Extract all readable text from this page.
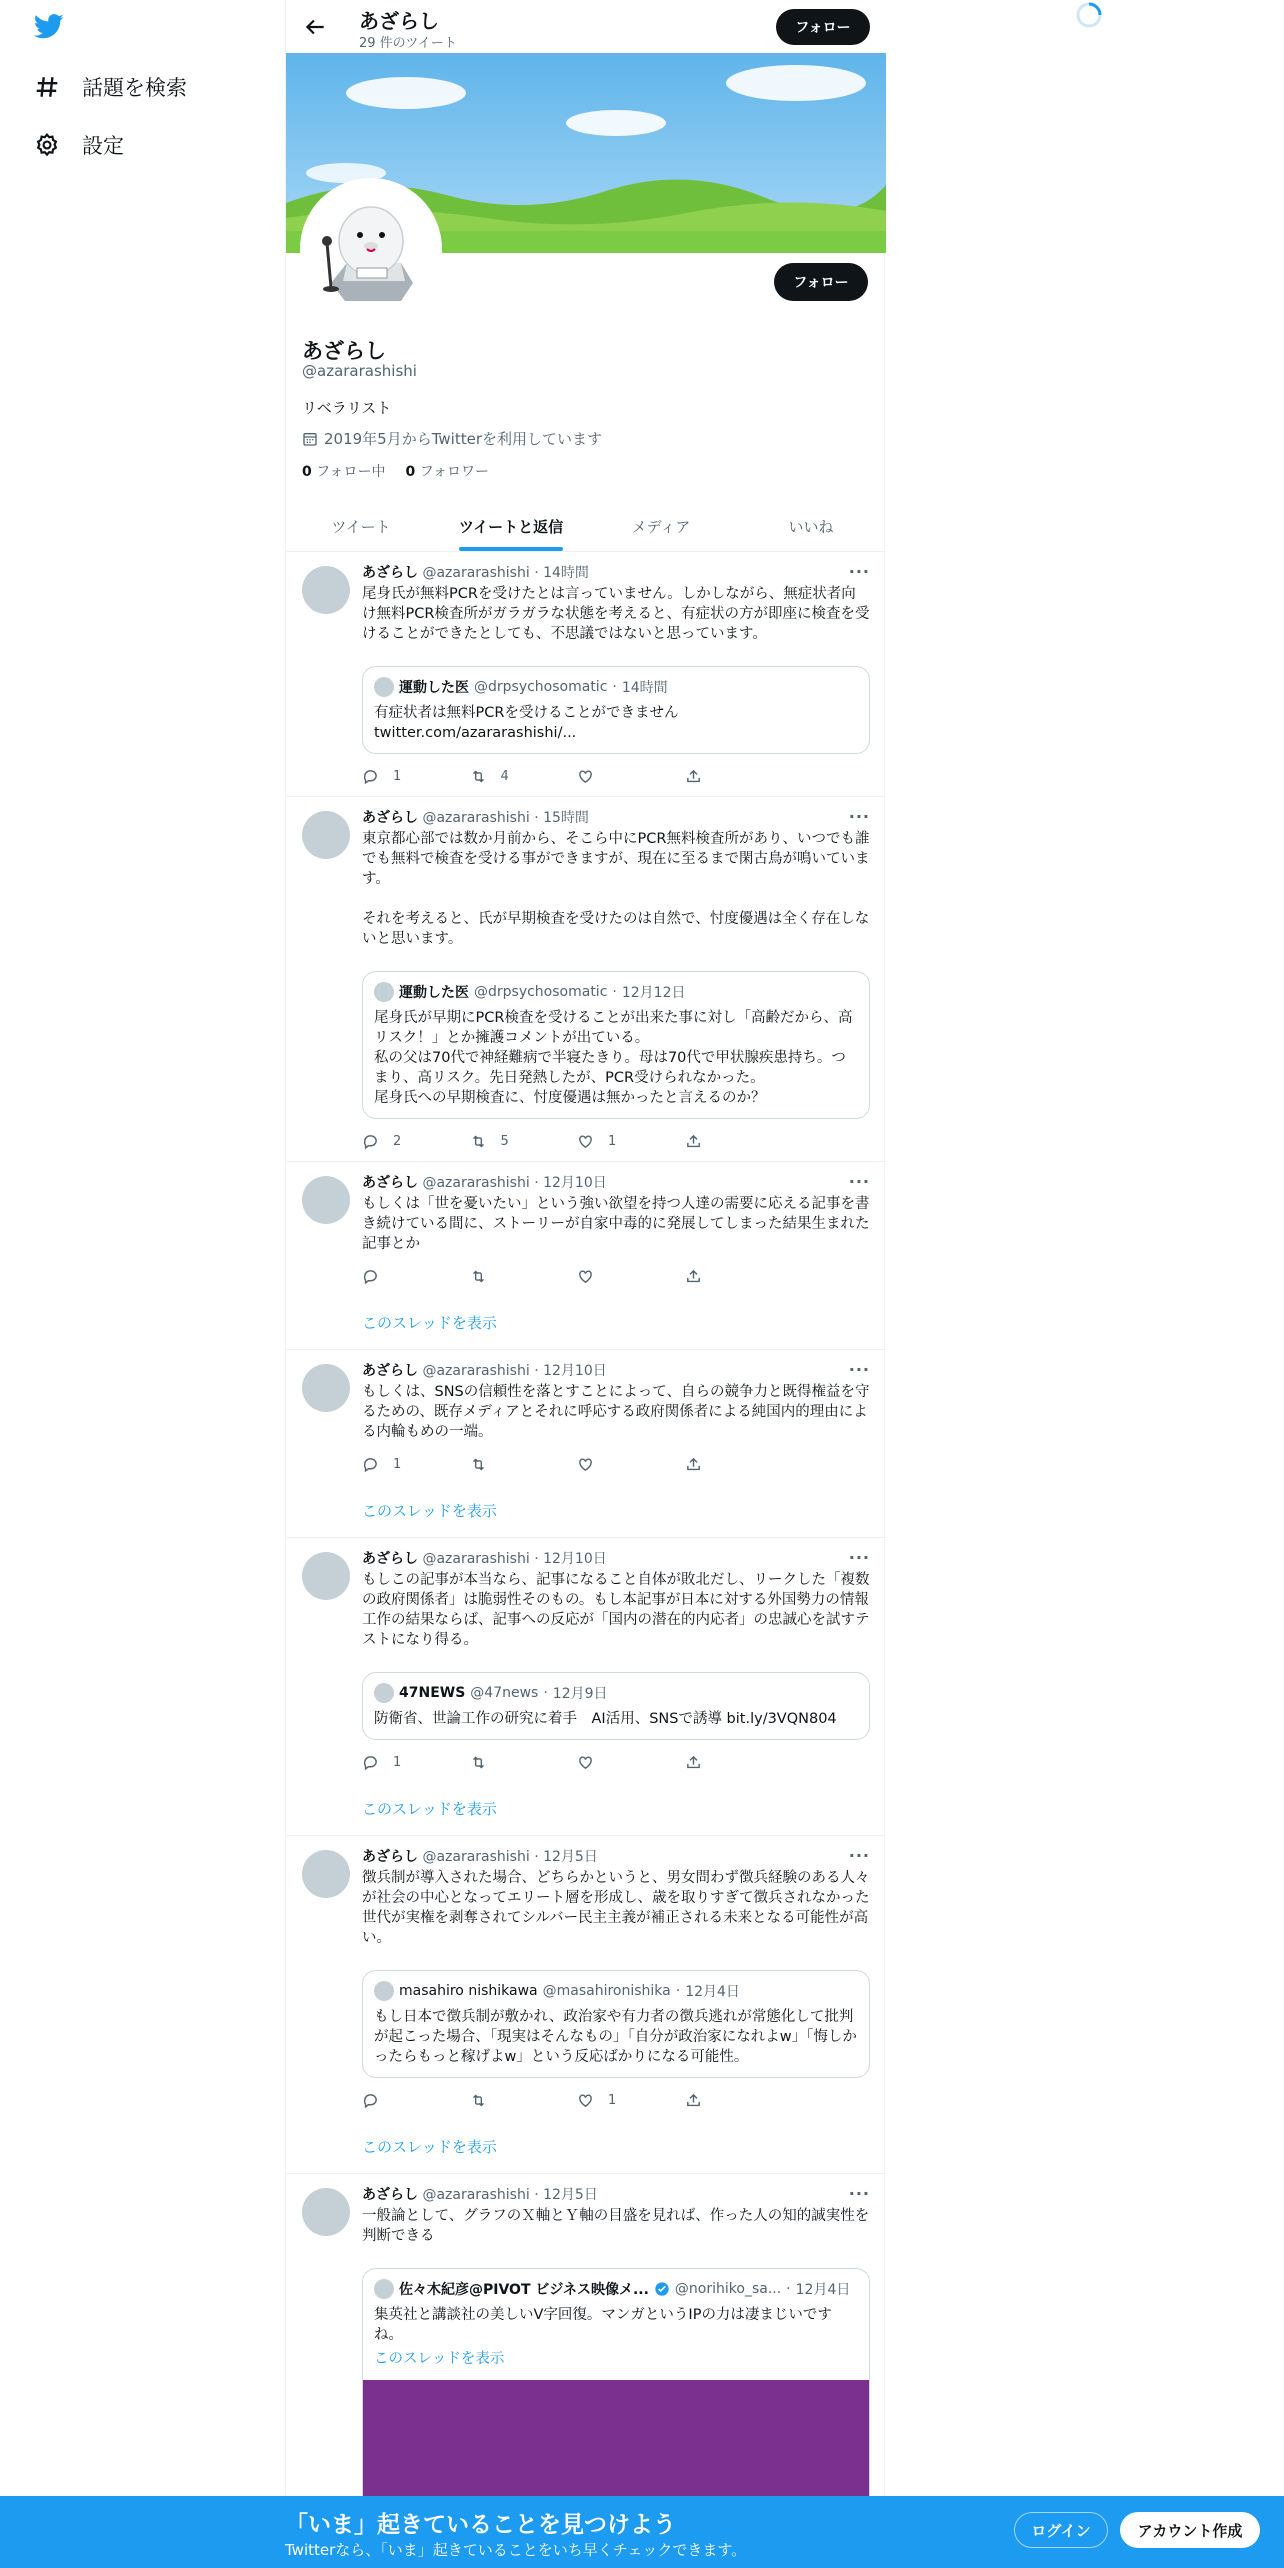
話題を検索
設定
あざらし
29 件のツイート
フォロー
フォロー
あざらし
@azararashishi
リベラリスト
2019年5月からTwitterを利用しています
0 フォロー中 0 フォロワー
ツイート	ツイートと返信	メディア	いいね
···
あざらし @azararashishi · 14時間
尾身氏が無料PCRを受けたとは言っていません。しかしながら、無症状者向け無料PCR検査所がガラガラな状態を考えると、有症状の方が即座に検査を受けることができたとしても、不思議ではないと思っています。
運動した医 @drpsychosomatic · 14時間
有症状者は無料PCRを受けることができません
twitter.com/azararashishi/...
1	4
···
あざらし @azararashishi · 15時間
東京都心部では数か月前から、そこら中にPCR無料検査所があり、いつでも誰でも無料で検査を受ける事ができますが、現在に至るまで閑古鳥が鳴いています。

それを考えると、氏が早期検査を受けたのは自然で、忖度優遇は全く存在しないと思います。
運動した医 @drpsychosomatic · 12月12日
尾身氏が早期にPCR検査を受けることが出来た事に対し「高齢だから、高リスク！」とか擁護コメントが出ている。
私の父は70代で神経難病で半寝たきり。母は70代で甲状腺疾患持ち。つまり、高リスク。先日発熱したが、PCR受けられなかった。
尾身氏への早期検査に、忖度優遇は無かったと言えるのか？
2	5	1
···
あざらし @azararashishi · 12月10日
もしくは「世を憂いたい」という強い欲望を持つ人達の需要に応える記事を書き続けている間に、ストーリーが自家中毒的に発展してしまった結果生まれた記事とか
このスレッドを表示
···
あざらし @azararashishi · 12月10日
もしくは、SNSの信頼性を落とすことによって、自らの競争力と既得権益を守るための、既存メディアとそれに呼応する政府関係者による純国内的理由による内輪もめの一端。
1
このスレッドを表示
···
あざらし @azararashishi · 12月10日
もしこの記事が本当なら、記事になること自体が敗北だし、リークした「複数の政府関係者」は脆弱性そのもの。もし本記事が日本に対する外国勢力の情報工作の結果ならば、記事への反応が「国内の潜在的内応者」の忠誠心を試すテストになり得る。
47NEWS @47news · 12月9日
防衛省、世論工作の研究に着手　AI活用、SNSで誘導 bit.ly/3VQN804
1
このスレッドを表示
···
あざらし @azararashishi · 12月5日
徴兵制が導入された場合、どちらかというと、男女問わず徴兵経験のある人々が社会の中心となってエリート層を形成し、歳を取りすぎて徴兵されなかった世代が実権を剥奪されてシルバー民主主義が補正される未来となる可能性が高い。
masahiro nishikawa @masahironishika · 12月4日
もし日本で徴兵制が敷かれ、政治家や有力者の徴兵逃れが常態化して批判が起こった場合、「現実はそんなもの」「自分が政治家になれよw」「悔しかったらもっと稼げよw」という反応ばかりになる可能性。
1
このスレッドを表示
···
あざらし @azararashishi · 12月5日
一般論として、グラフのＸ軸とＹ軸の目盛を見れば、作った人の知的誠実性を判断できる
佐々木紀彦@PIVOT ビジネス映像メ... @norihiko_sa... · 12月4日
集英社と講談社の美しいV字回復。マンガというIPの力は凄まじいですね。
このスレッドを表示
「いま」起きていることを見つけよう
Twitterなら、「いま」起きていることをいち早くチェックできます。
ログイン	アカウント作成
